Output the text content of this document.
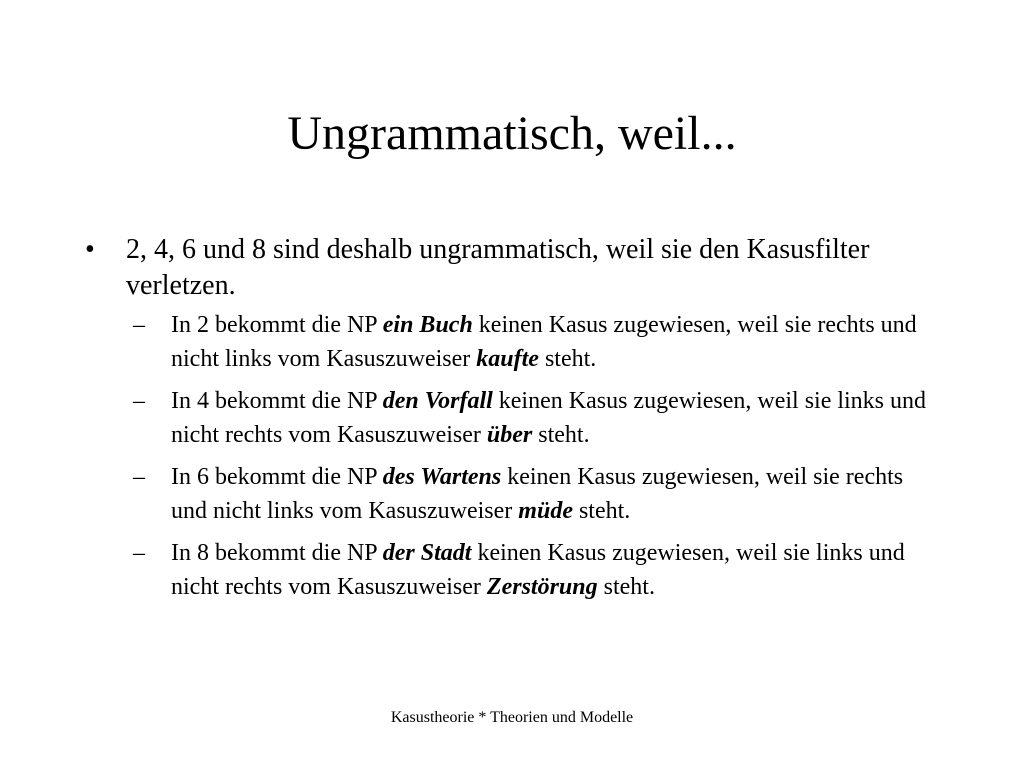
Ungrammatisch, weil...
• 2, 4, 6 und 8 sind deshalb ungrammatisch, weil sie den Kasusfilter verletzen.
– In 2 bekommt die NP ein Buch keinen Kasus zugewiesen, weil sie rechts und nicht links vom Kasuszuweiser kaufte steht.
– In 4 bekommt die NP den Vorfall keinen Kasus zugewiesen, weil sie links und nicht rechts vom Kasuszuweiser über steht.
– In 6 bekommt die NP des Wartens keinen Kasus zugewiesen, weil sie rechts und nicht links vom Kasuszuweiser müde steht.
– In 8 bekommt die NP der Stadt keinen Kasus zugewiesen, weil sie links und nicht rechts vom Kasuszuweiser Zerstörung steht.
Kasustheorie * Theorien und Modelle
